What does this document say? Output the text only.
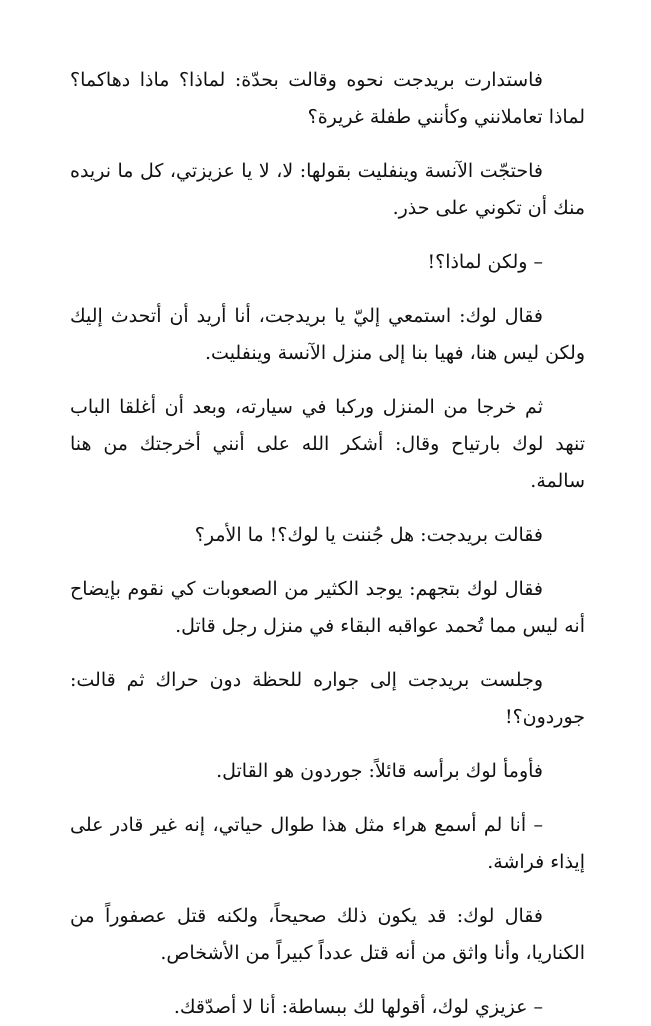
فاستدارت بريدجت نحوه وقالت بحدّة: لماذا؟ ماذا دهاكما؟ لماذا تعاملانني وكأنني طفلة غريرة؟

فاحتجّت الآنسة وينفليت بقولها: لا، لا يا عزيزتي، كل ما نريده منك أن تكوني على حذر.

– ولكن لماذا؟!

فقال لوك: استمعي إليّ يا بريدجت، أنا أريد أن أتحدث إليك ولكن ليس هنا، فهيا بنا إلى منزل الآنسة وينفليت.

ثم خرجا من المنزل وركبا في سيارته، وبعد أن أغلقا الباب تنهد لوك بارتياح وقال: أشكر الله على أنني أخرجتك من هنا سالمة.

فقالت بريدجت: هل جُننت يا لوك؟! ما الأمر؟

فقال لوك بتجهم: يوجد الكثير من الصعوبات كي نقوم بإيضاح أنه ليس مما تُحمد عواقبه البقاء في منزل رجل قاتل.

وجلست بريدجت إلى جواره للحظة دون حراك ثم قالت: جوردون؟!

فأومأ لوك برأسه قائلاً: جوردون هو القاتل.

– أنا لم أسمع هراء مثل هذا طوال حياتي، إنه غير قادر على إيذاء فراشة.

فقال لوك: قد يكون ذلك صحيحاً، ولكنه قتل عصفوراً من الكناريا، وأنا واثق من أنه قتل عدداً كبيراً من الأشخاص.

– عزيزي لوك، أقولها لك ببساطة: أنا لا أصدّقك.
